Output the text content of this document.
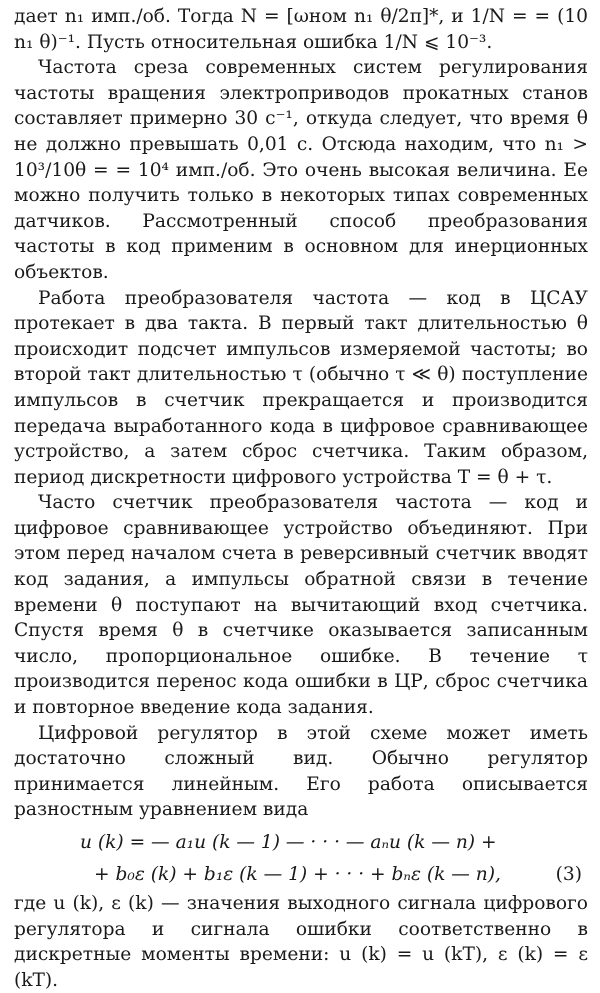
дает n₁ имп./об. Тогда N = [ωном n₁ θ/2π]*, и 1/N = = (10 n₁ θ)⁻¹. Пусть относительная ошибка 1/N ⩽ 10⁻³.

Частота среза современных систем регулирования частоты вращения электроприводов прокатных станов составляет примерно 30 с⁻¹, откуда следует, что время θ не должно превышать 0,01 с. Отсюда находим, что n₁ > 10³/10θ = = 10⁴ имп./об. Это очень высокая величина. Ее можно получить только в некоторых типах современных датчиков. Рассмотренный способ преобразования частоты в код применим в основном для инерционных объектов.

Работа преобразователя частота — код в ЦСАУ протекает в два такта. В первый такт длительностью θ происходит подсчет импульсов измеряемой частоты; во второй такт длительностью τ (обычно τ ≪ θ) поступление импульсов в счетчик прекращается и производится передача выработанного кода в цифровое сравнивающее устройство, а затем сброс счетчика. Таким образом, период дискретности цифрового устройства T = θ + τ.

Часто счетчик преобразователя частота — код и цифровое сравнивающее устройство объединяют. При этом перед началом счета в реверсивный счетчик вводят код задания, а импульсы обратной связи в течение времени θ поступают на вычитающий вход счетчика. Спустя время θ в счетчике оказывается записанным число, пропорциональное ошибке. В течение τ производится перенос кода ошибки в ЦР, сброс счетчика и повторное введение кода задания.

Цифровой регулятор в этой схеме может иметь достаточно сложный вид. Обычно регулятор принимается линейным. Его работа описывается разностным уравнением вида

u (k) = — a₁u (k — 1) — · · · — aₙu (k — n) +
+ b₀ε (k) + b₁ε (k — 1) + · · · + bₙε (k — n),	(3)

где u (k), ε (k) — значения выходного сигнала цифрового регулятора и сигнала ошибки соответственно в дискретные моменты времени: u (k) = u (kT), ε (k) = ε (kT).
